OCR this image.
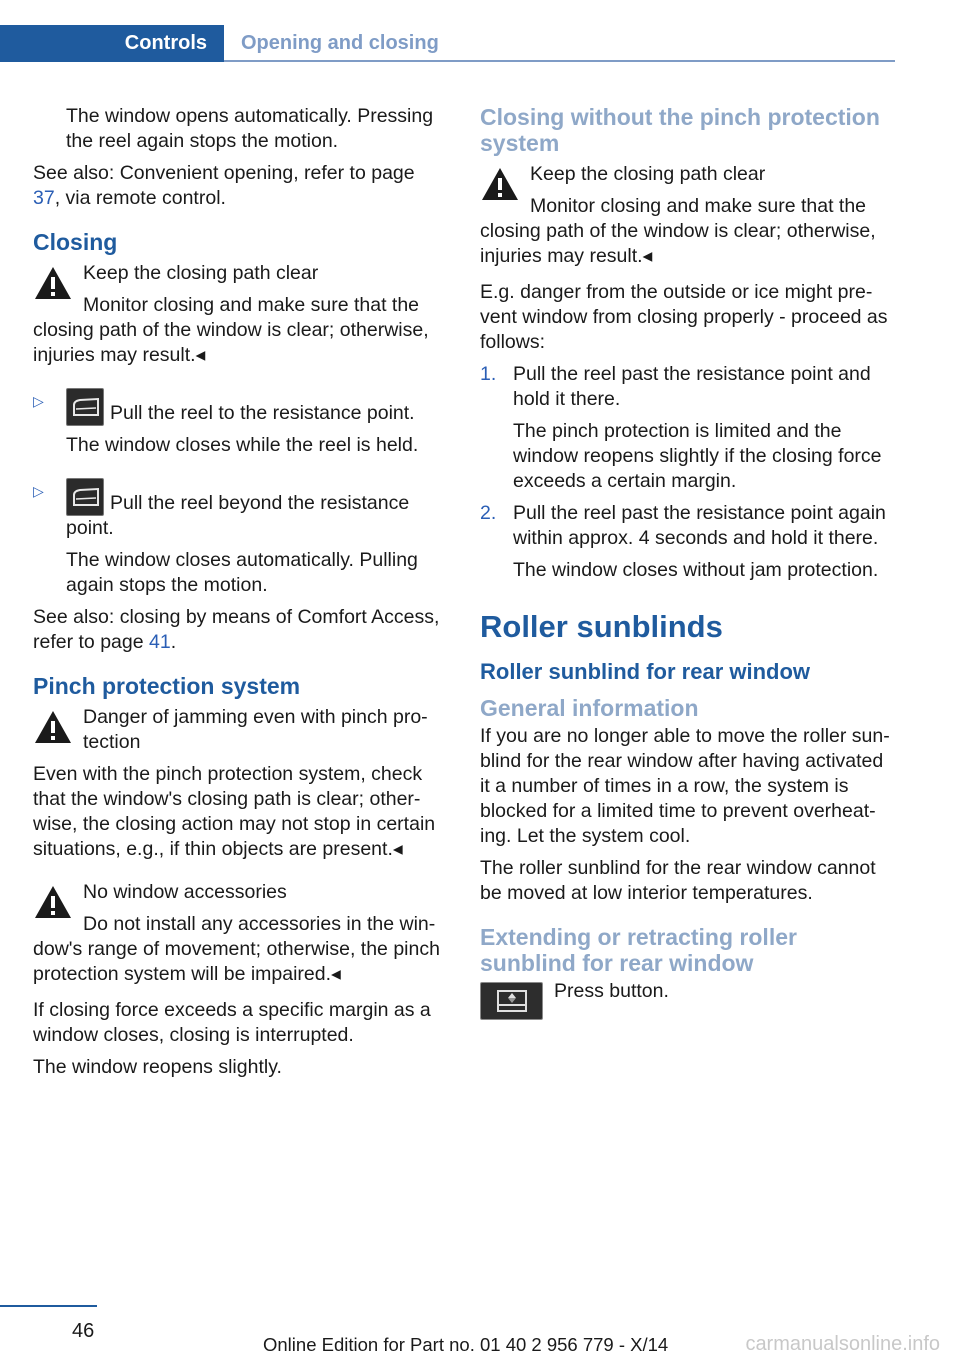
Controls	Opening and closing

The window opens automatically. Pressing the reel again stops the motion.

See also: Convenient opening, refer to page 37, via remote control.

Closing

Keep the closing path clear

Monitor closing and make sure that the closing path of the window is clear; otherwise, injuries may result.◂

▷
Pull the reel to the resistance point.

The window closes while the reel is held.

▷
Pull the reel beyond the resistance point.

The window closes automatically. Pulling again stops the motion.

See also: closing by means of Comfort Access, refer to page 41.

Pinch protection system

Danger of jamming even with pinch pro-tection

Even with the pinch protection system, check that the window's closing path is clear; other-wise, the closing action may not stop in certain situations, e.g., if thin objects are present.◂

No window accessories

Do not install any accessories in the win-dow's range of movement; otherwise, the pinch protection system will be impaired.◂

If closing force exceeds a specific margin as a window closes, closing is interrupted.

The window reopens slightly.

Closing without the pinch protection system

Keep the closing path clear

Monitor closing and make sure that the closing path of the window is clear; otherwise, injuries may result.◂

E.g. danger from the outside or ice might pre-vent window from closing properly - proceed as follows:

1. Pull the reel past the resistance point and hold it there.

The pinch protection is limited and the window reopens slightly if the closing force exceeds a certain margin.

2. Pull the reel past the resistance point again within approx. 4 seconds and hold it there.

The window closes without jam protection.

Roller sunblinds
Roller sunblind for rear window
General information

If you are no longer able to move the roller sun-blind for the rear window after having activated it a number of times in a row, the system is blocked for a limited time to prevent overheat-ing. Let the system cool.

The roller sunblind for the rear window cannot be moved at low interior temperatures.

Extending or retracting roller sunblind for rear window
Press button.
46
Online Edition for Part no. 01 40 2 956 779 - X/14	carmanualsonline.info
